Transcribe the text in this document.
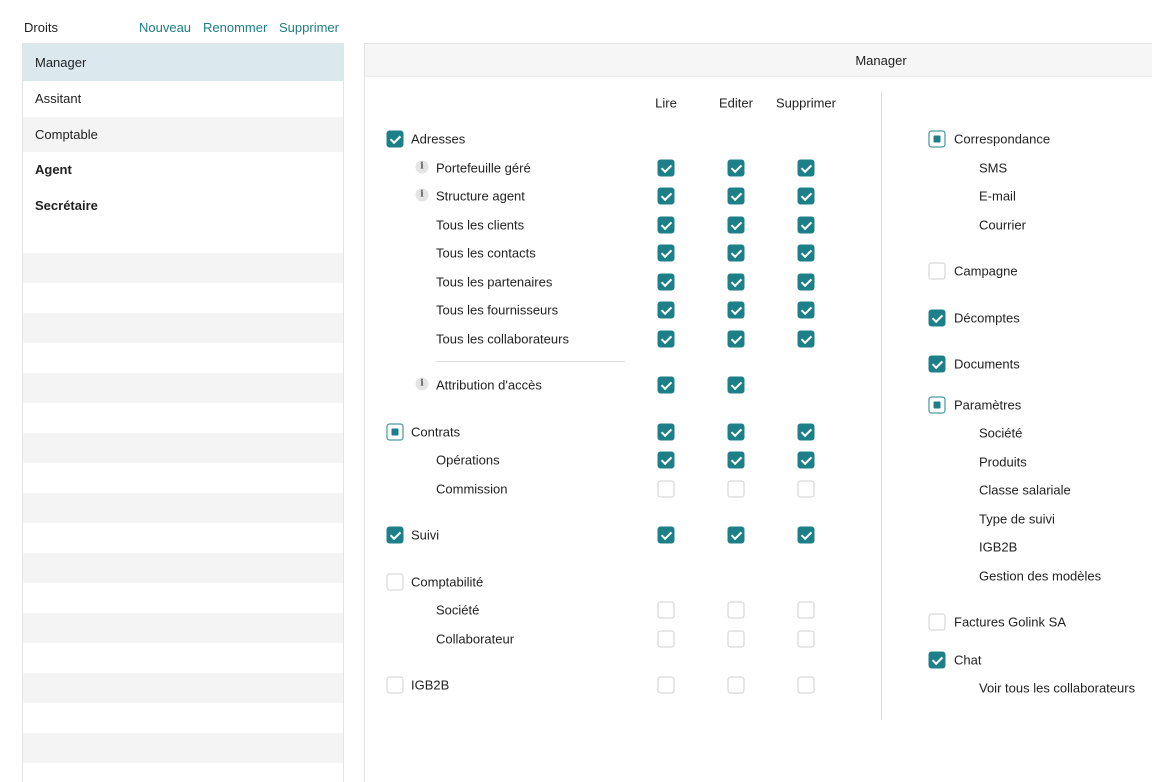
Droits	Nouveau Renommer Supprimer
Manager
Assitant
Comptable
Agent
Secrétaire
Manager
Lire	Editer Supprimer
Adresses
Portefeuille géré
i
Structure agent
i
Tous les clients
Tous les contacts
Tous les partenaires
Tous les fournisseurs
Tous les collaborateurs
Attribution d'accès
i
Contrats
Opérations
Commission
Suivi
Comptabilité
Société
Collaborateur
IGB2B
Correspondance
SMS
E-mail
Courrier
Campagne
Décomptes
Documents
Paramètres
Société
Produits
Classe salariale
Type de suivi
IGB2B
Gestion des modèles
Factures Golink SA
Chat
Voir tous les collaborateurs
